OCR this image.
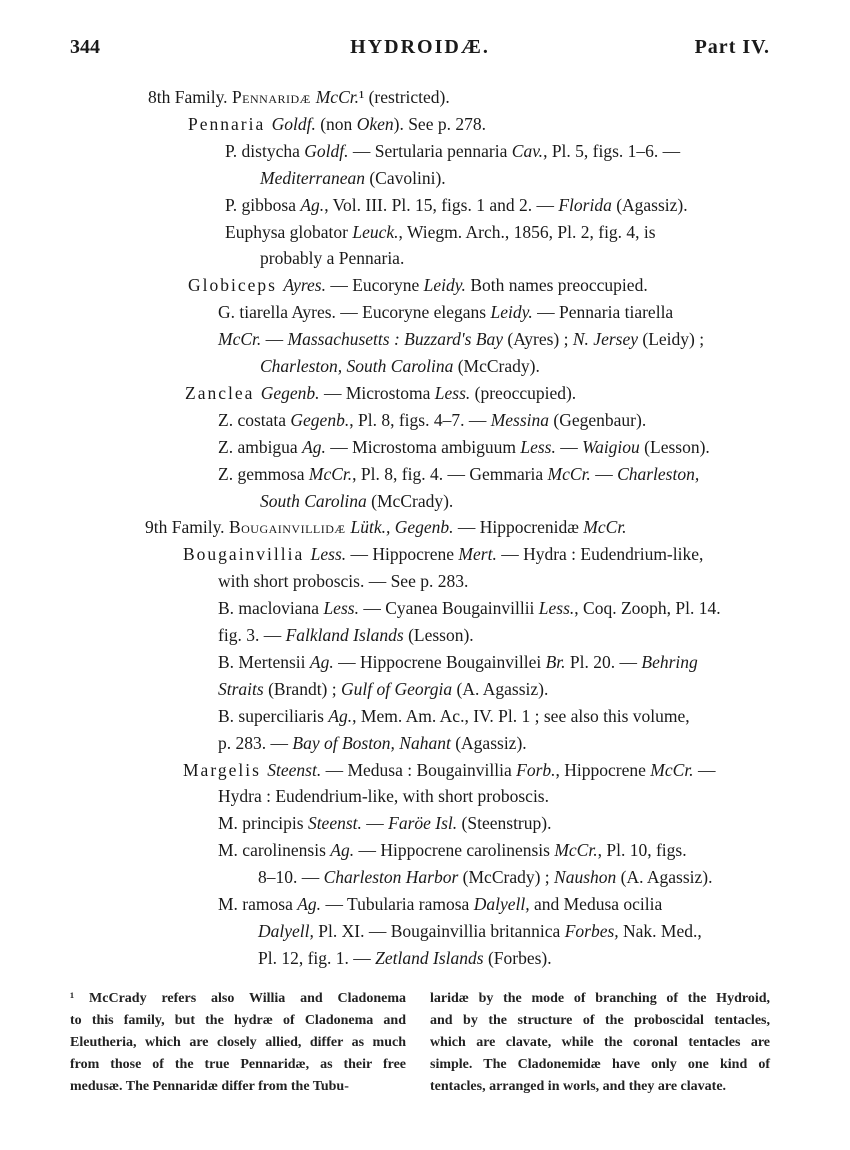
344	HYDROIDÆ.	Part IV.
8th Family. Pennaridæ McCr.¹ (restricted).
Pennaria Goldf. (non Oken). See p. 278.
P. distycha Goldf. — Sertularia pennaria Cav., Pl. 5, figs. 1–6. —
Mediterranean (Cavolini).
P. gibbosa Ag., Vol. III. Pl. 15, figs. 1 and 2. — Florida (Agassiz).
Euphysa globator Leuck., Wiegm. Arch., 1856, Pl. 2, fig. 4, is
probably a Pennaria.
Globiceps Ayres. — Eucoryne Leidy. Both names preoccupied.
G. tiarella Ayres. — Eucoryne elegans Leidy. — Pennaria tiarella
McCr. — Massachusetts : Buzzard's Bay (Ayres) ; N. Jersey (Leidy) ;
Charleston, South Carolina (McCrady).
Zanclea Gegenb. — Microstoma Less. (preoccupied).
Z. costata Gegenb., Pl. 8, figs. 4–7. — Messina (Gegenbaur).
Z. ambigua Ag. — Microstoma ambiguum Less. — Waigiou (Lesson).
Z. gemmosa McCr., Pl. 8, fig. 4. — Gemmaria McCr. — Charleston,
South Carolina (McCrady).
9th Family. Bougainvillidæ Lütk., Gegenb. — Hippocrenidæ McCr.
Bougainvillia Less. — Hippocrene Mert. — Hydra : Eudendrium-like,
with short proboscis. — See p. 283.
B. macloviana Less. — Cyanea Bougainvillii Less., Coq. Zooph, Pl. 14.
fig. 3. — Falkland Islands (Lesson).
B. Mertensii Ag. — Hippocrene Bougainvillei Br. Pl. 20. — Behring
Straits (Brandt) ; Gulf of Georgia (A. Agassiz).
B. superciliaris Ag., Mem. Am. Ac., IV. Pl. 1 ; see also this volume,
p. 283. — Bay of Boston, Nahant (Agassiz).
Margelis Steenst. — Medusa : Bougainvillia Forb., Hippocrene McCr. —
Hydra : Eudendrium-like, with short proboscis.
M. principis Steenst. — Faröe Isl. (Steenstrup).
M. carolinensis Ag. — Hippocrene carolinensis McCr., Pl. 10, figs.
8–10. — Charleston Harbor (McCrady) ; Naushon (A. Agassiz).
M. ramosa Ag. — Tubularia ramosa Dalyell, and Medusa ocilia
Dalyell, Pl. XI. — Bougainvillia britannica Forbes, Nak. Med.,
Pl. 12, fig. 1. — Zetland Islands (Forbes).

¹ McCrady refers also Willia and Cladonema

to this family, but the hydræ of Cladonema and

Eleutheria, which are closely allied, differ as much

from those of the true Pennaridæ, as their free

medusæ. The Pennaridæ differ from the Tubu-

laridæ by the mode of branching of the Hydroid,

and by the structure of the proboscidal tentacles,

which are clavate, while the coronal tentacles are

simple. The Cladonemidæ have only one kind of

tentacles, arranged in worls, and they are clavate.
